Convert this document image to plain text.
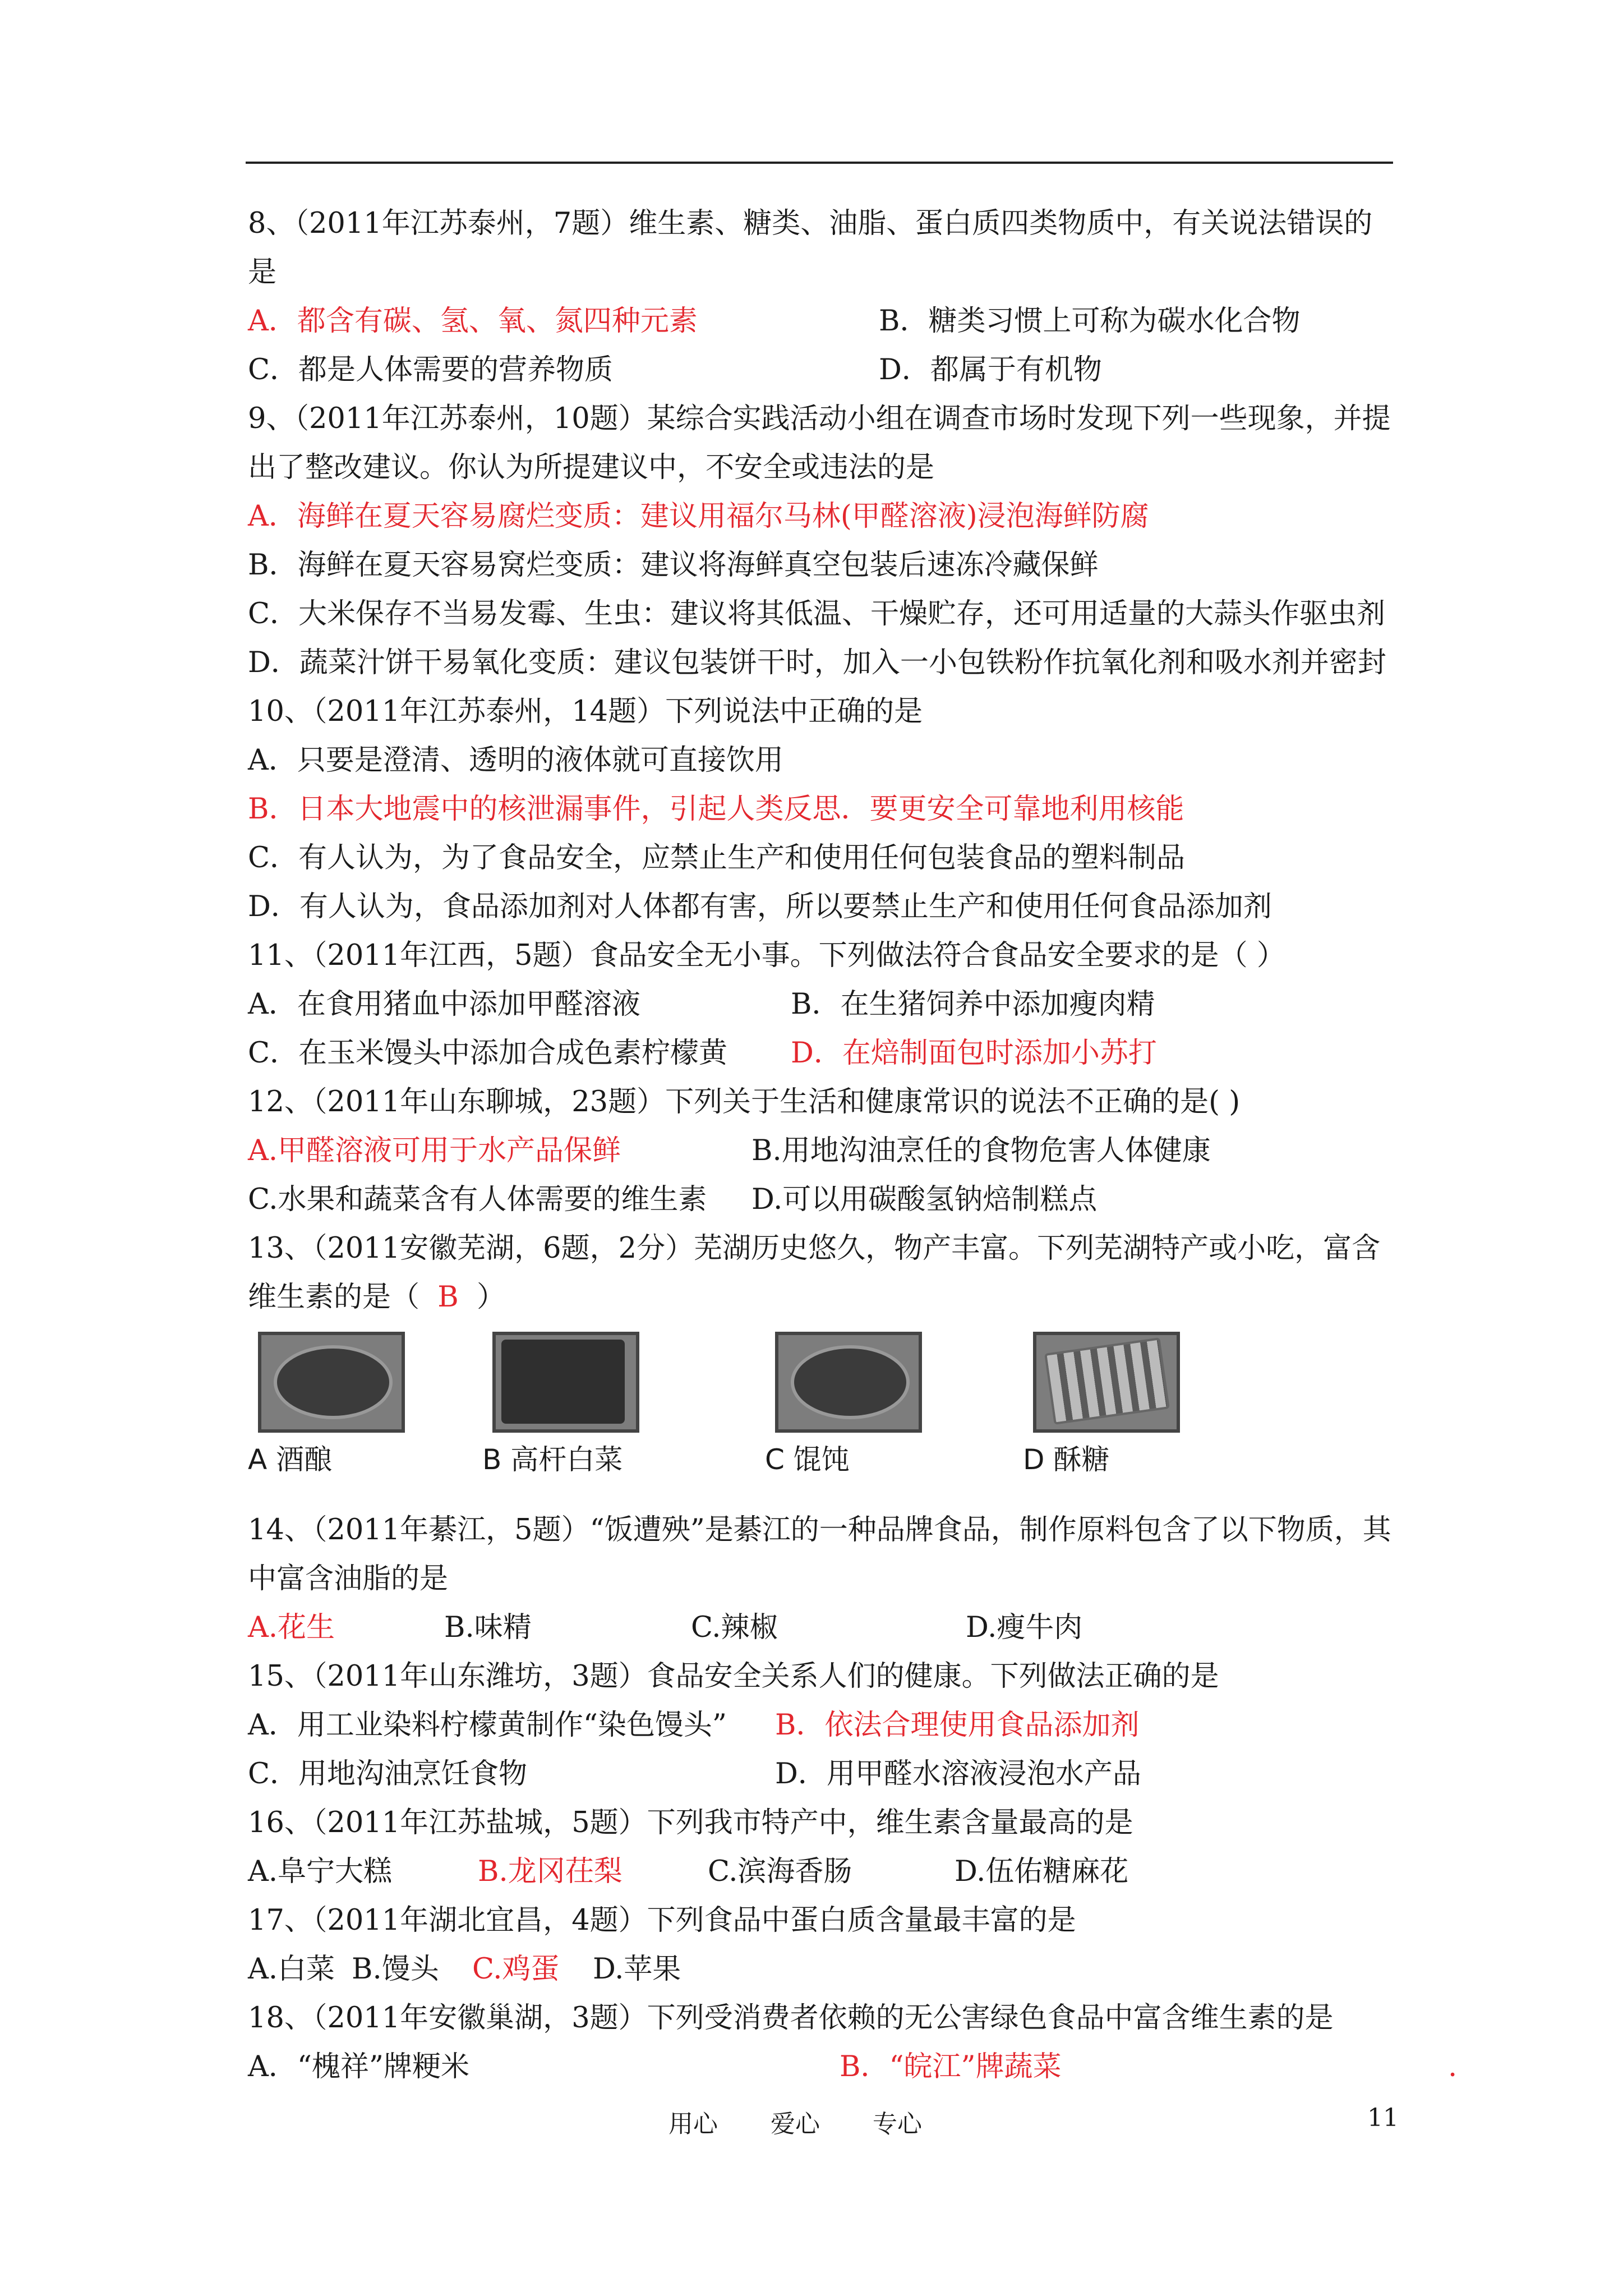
8、（2011年江苏泰州，7题）维生素、糖类、油脂、蛋白质四类物质中，有关说法错误的是
A．都含有碳、氢、氧、氮四种元素	B．糖类习惯上可称为碳水化合物
C．都是人体需要的营养物质	D．都属于有机物
9、（2011年江苏泰州，10题）某综合实践活动小组在调查市场时发现下列一些现象，并提出了整改建议。你认为所提建议中，不安全或违法的是
A．海鲜在夏天容易腐烂变质：建议用福尔马林(甲醛溶液)浸泡海鲜防腐
B．海鲜在夏天容易窝烂变质：建议将海鲜真空包装后速冻冷藏保鲜
C．大米保存不当易发霉、生虫：建议将其低温、干燥贮存，还可用适量的大蒜头作驱虫剂
D．蔬菜汁饼干易氧化变质：建议包装饼干时，加入一小包铁粉作抗氧化剂和吸水剂并密封
10、（2011年江苏泰州，14题）下列说法中正确的是
A．只要是澄清、透明的液体就可直接饮用
B．日本大地震中的核泄漏事件，引起人类反思．要更安全可靠地利用核能
C．有人认为，为了食品安全，应禁止生产和使用任何包装食品的塑料制品
D．有人认为，食品添加剂对人体都有害，所以要禁止生产和使用任何食品添加剂
11、（2011年江西，5题）食品安全无小事。下列做法符合食品安全要求的是（ ）
A．在食用猪血中添加甲醛溶液	B．在生猪饲养中添加瘦肉精
C．在玉米馒头中添加合成色素柠檬黄 D．在焙制面包时添加小苏打
12、（2011年山东聊城，23题）下列关于生活和健康常识的说法不正确的是( )
A.甲醛溶液可用于水产品保鲜	B.用地沟油烹任的食物危害人体健康
C.水果和蔬菜含有人体需要的维生素 D.可以用碳酸氢钠焙制糕点
13、（2011安徽芜湖，6题，2分）芜湖历史悠久，物产丰富。下列芜湖特产或小吃，富含
维生素的是（ B ）
A 酒酿	B 高杆白菜	C 馄饨	D 酥糖
14、（2011年綦江，5题）“饭遭殃”是綦江的一种品牌食品，制作原料包含了以下物质，其中富含油脂的是
A.花生	B.味精	C.辣椒	D.瘦牛肉
15、（2011年山东潍坊，3题）食品安全关系人们的健康。下列做法正确的是
A．用工业染料柠檬黄制作“染色馒头” B．依法合理使用食品添加剂
C．用地沟油烹饪食物	D．用甲醛水溶液浸泡水产品
16、（2011年江苏盐城，5题）下列我市特产中，维生素含量最高的是
A.阜宁大糕	B.龙冈茌梨	C.滨海香肠	D.伍佑糖麻花
17、（2011年湖北宜昌，4题）下列食品中蛋白质含量最丰富的是
A.白菜 B.馒头 C.鸡蛋 D.苹果
18、（2011年安徽巢湖，3题）下列受消费者依赖的无公害绿色食品中富含维生素的是
A．“槐祥”牌粳米	B．“皖江”牌蔬菜	.
用心 爱心 专心	11
